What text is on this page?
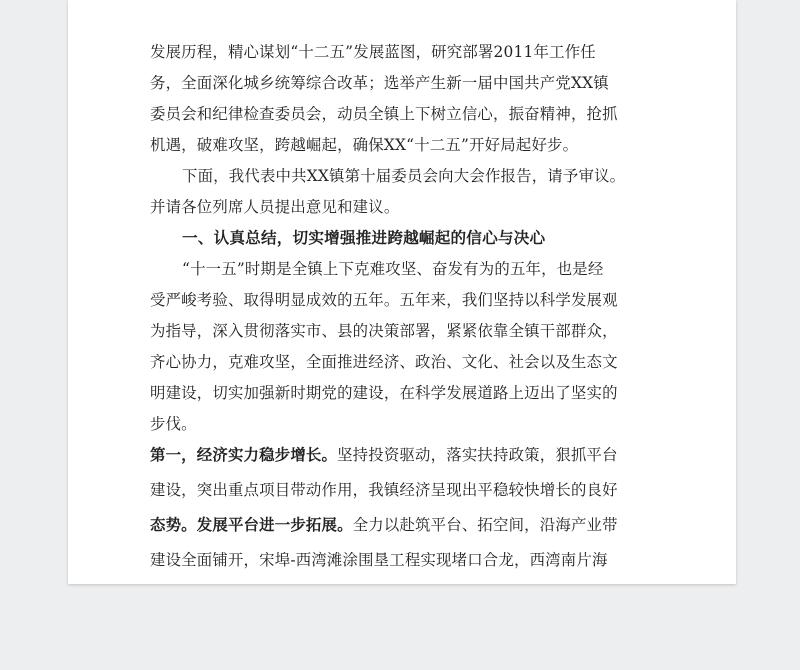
发展历程，精心谋划“十二五”发展蓝图，研究部署2011年工作任
务，全面深化城乡统筹综合改革；选举产生新一届中国共产党XX镇
委员会和纪律检查委员会，动员全镇上下树立信心，振奋精神，抢抓
机遇，破难攻坚，跨越崛起，确保XX“十二五”开好局起好步。
下面，我代表中共XX镇第十届委员会向大会作报告，请予审议。
并请各位列席人员提出意见和建议。
一、认真总结，切实增强推进跨越崛起的信心与决心
“十一五”时期是全镇上下克难攻坚、奋发有为的五年，也是经
受严峻考验、取得明显成效的五年。五年来，我们坚持以科学发展观
为指导，深入贯彻落实市、县的决策部署，紧紧依靠全镇干部群众，
齐心协力，克难攻坚，全面推进经济、政治、文化、社会以及生态文
明建设，切实加强新时期党的建设，在科学发展道路上迈出了坚实的
步伐。
第一，经济实力稳步增长。坚持投资驱动，落实扶持政策，狠抓平台
建设，突出重点项目带动作用，我镇经济呈现出平稳较快增长的良好
态势。发展平台进一步拓展。全力以赴筑平台、拓空间，沿海产业带
建设全面铺开，宋埠-西湾滩涂围垦工程实现堵口合龙，西湾南片海
